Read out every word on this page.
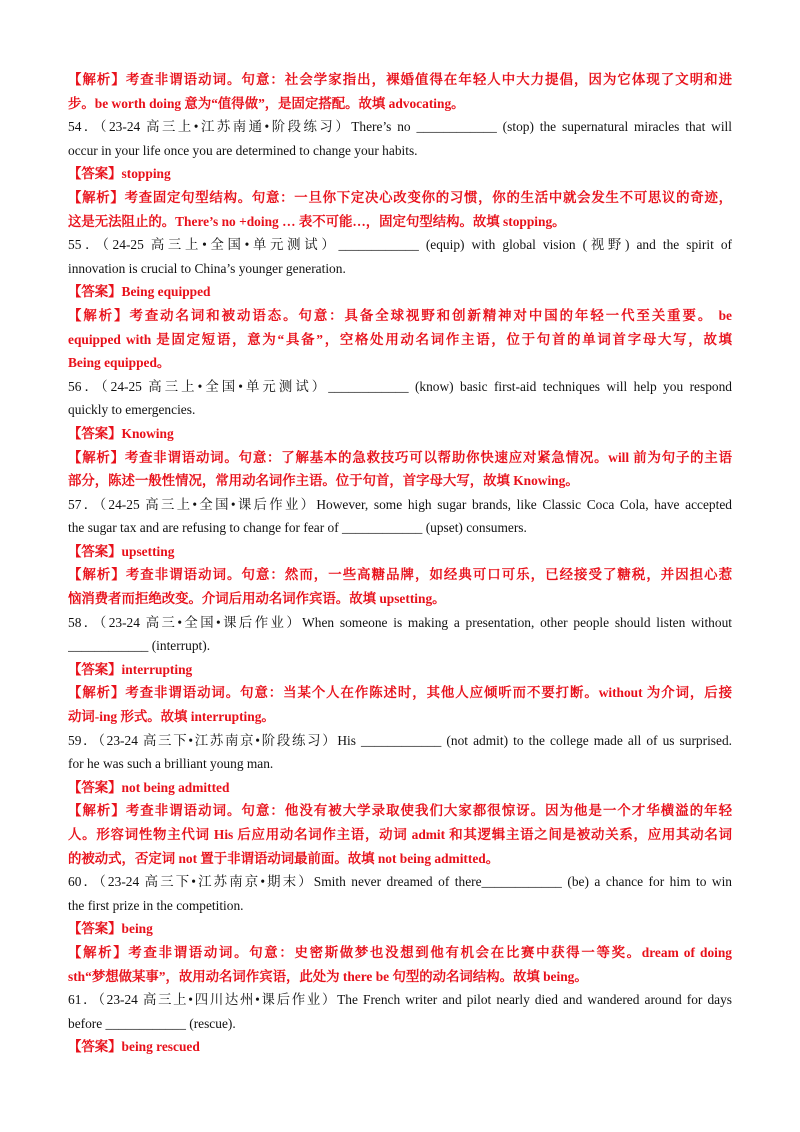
【解析】考查非谓语动词。句意：社会学家指出，裸婚值得在年轻人中大力提倡，因为它体现了文明和进
步。be worth doing 意为“值得做”，是固定搭配。故填 advocating。
54．（23-24 高三上•江苏南通•阶段练习）There’s no ____________ (stop) the supernatural miracles that will
occur in your life once you are determined to change your habits.
【答案】stopping
【解析】考查固定句型结构。句意：一旦你下定决心改变你的习惯，你的生活中就会发生不可思议的奇迹，
这是无法阻止的。There’s no +doing … 表不可能…，固定句型结构。故填 stopping。
55．（24-25 高三上•全国•单元测试）____________ (equip) with global vision (视野) and the spirit of
innovation is crucial to China’s younger generation.
【答案】Being equipped
【解析】考查动名词和被动语态。句意：具备全球视野和创新精神对中国的年轻一代至关重要。 be
equipped with 是固定短语，意为“具备”，空格处用动名词作主语，位于句首的单词首字母大写，故填
Being equipped。
56．（24-25 高三上•全国•单元测试）____________ (know) basic first-aid techniques will help you respond
quickly to emergencies.
【答案】Knowing
【解析】考查非谓语动词。句意：了解基本的急救技巧可以帮助你快速应对紧急情况。will 前为句子的主语
部分，陈述一般性情况，常用动名词作主语。位于句首，首字母大写，故填 Knowing。
57．（24-25 高三上•全国•课后作业）However, some high sugar brands, like Classic Coca Cola, have accepted
the sugar tax and are refusing to change for fear of ____________ (upset) consumers.
【答案】upsetting
【解析】考查非谓语动词。句意：然而，一些高糖品牌，如经典可口可乐，已经接受了糖税，并因担心惹
恼消费者而拒绝改变。介词后用动名词作宾语。故填 upsetting。
58．（23-24 高三•全国•课后作业）When someone is making a presentation, other people should listen without
____________ (interrupt).
【答案】interrupting
【解析】考查非谓语动词。句意：当某个人在作陈述时，其他人应倾听而不要打断。without 为介词，后接
动词-ing 形式。故填 interrupting。
59．（23-24 高三下•江苏南京•阶段练习）His ____________ (not admit) to the college made all of us surprised.
for he was such a brilliant young man.
【答案】not being admitted
【解析】考查非谓语动词。句意：他没有被大学录取使我们大家都很惊讶。因为他是一个才华横溢的年轻
人。形容词性物主代词 His 后应用动名词作主语，动词 admit 和其逻辑主语之间是被动关系，应用其动名词
的被动式，否定词 not 置于非谓语动词最前面。故填 not being admitted。
60．（23-24 高三下•江苏南京•期末）Smith never dreamed of there____________ (be) a chance for him to win
the first prize in the competition.
【答案】being
【解析】考查非谓语动词。句意：史密斯做梦也没想到他有机会在比赛中获得一等奖。dream of doing
sth“梦想做某事”，故用动名词作宾语，此处为 there be 句型的动名词结构。故填 being。
61．（23-24 高三上•四川达州•课后作业）The French writer and pilot nearly died and wandered around for days
before ____________ (rescue).
【答案】being rescued
